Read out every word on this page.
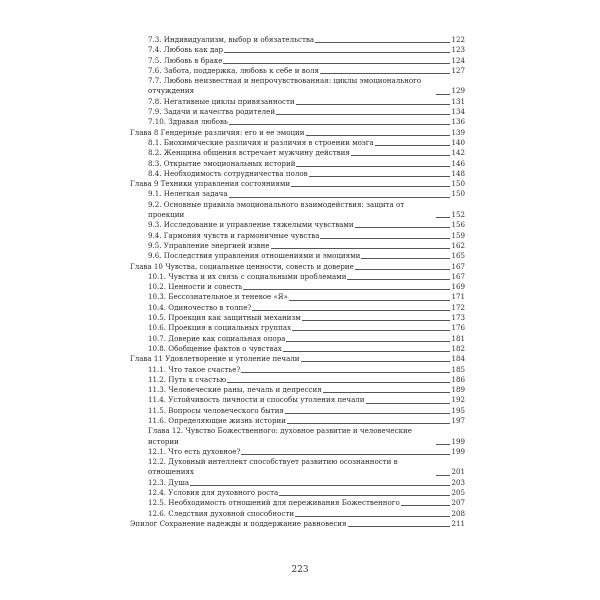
7.3. Индивидуализм, выбор и обязательства	122
7.4. Любовь как дар	123
7.5. Любовь в браке	124
7.6. Забота, поддержка, любовь к себе и воля	127
7.7. Любовь неизвестная и непрочувствованная: циклы эмоционального отчуждения	129
7.8. Негативные циклы привязанности	131
7.9. Задачи и качества родителей	134
7.10. Здравая любовь	136
Глава 8 Гендерные различия: его и ее эмоции	139
8.1. Биохимические различия и различия в строении мозга	140
8.2. Женщина общения встречает мужчину действия	142
8.3. Открытие эмоциональных историй	146
8.4. Необходимость сотрудничества полов	148
Глава 9 Техники управления состояниями	150
9.1. Нелегкая задача	150
9.2. Основные правила эмоционального взаимодействия: защита от проекции	152
9.3. Исследование и управление тяжелыми чувствами	156
9.4. Гармония чувств и гармоничные чувства	159
9.5. Управление энергией извне	162
9.6. Последствия управления отношениями и эмоциями	165
Глава 10 Чувства, социальные ценности, совесть и доверие	167
10.1. Чувства и их связь с социальными проблемами	167
10.2. Ценности и совесть	169
10.3. Бессознательное и теневое «Я»	171
10.4. Одиночество в толпе?	172
10.5. Проекция как защитный механизм	173
10.6. Проекция в социальных группах	176
10.7. Доверие как социальная опора	181
10.8. Обобщение фактов о чувствах	182
Глава 11 Удовлетворение и утоление печали	184
11.1. Что такое счастье?	185
11.2. Путь к счастью	186
11.3. Человеческие раны, печаль и депрессия	189
11.4. Устойчивость личности и способы утоления печали	192
11.5. Вопросы человеческого бытия	195
11.6. Определяющие жизнь истории	197
Глава 12. Чувство Божественного: духовное развитие и человеческие истории	199
12.1. Что есть духовное?	199
12.2. Духовный интеллект способствует развитию осознанности в отношениях	201
12.3. Душа	203
12.4. Условия для духовного роста	205
12.5. Необходимость отношений для переживания Божественного	207
12.6. Следствия духовной способности	208
Эпилог Сохранение надежды и поддержание равновесия	211
223
